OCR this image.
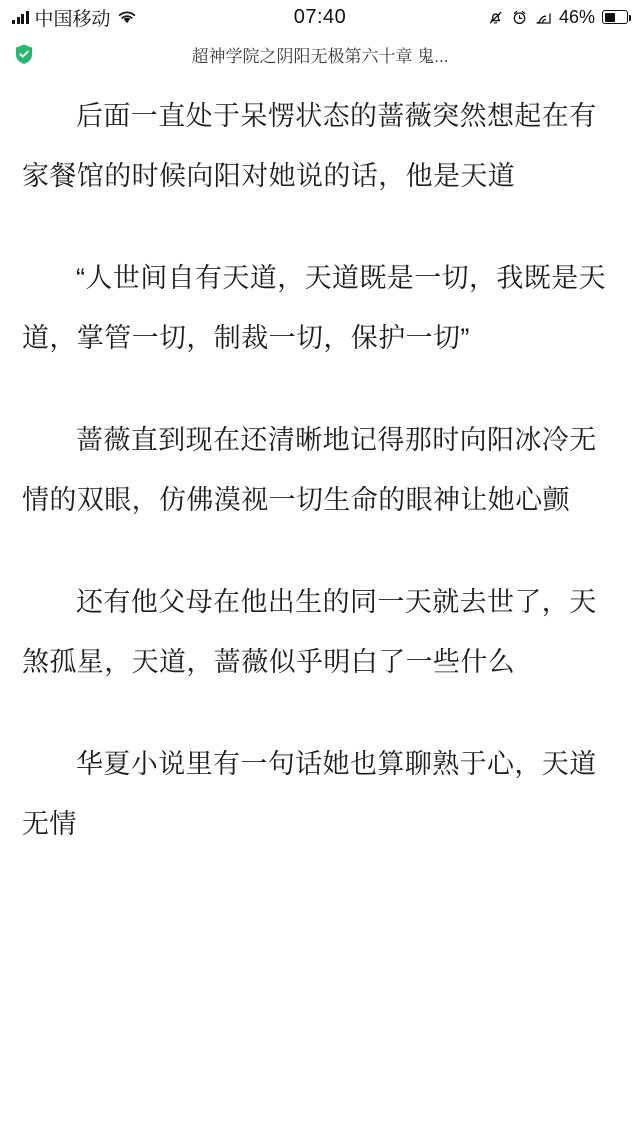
中国移动	07:40	46%
超神学院之阴阳无极第六十章 鬼...

后面一直处于呆愣状态的蔷薇突然想起在有家餐馆的时候向阳对她说的话，他是天道

“人世间自有天道，天道既是一切，我既是天道，掌管一切，制裁一切，保护一切”

蔷薇直到现在还清晰地记得那时向阳冰冷无情的双眼，仿佛漠视一切生命的眼神让她心颤

还有他父母在他出生的同一天就去世了，天煞孤星，天道，蔷薇似乎明白了一些什么

华夏小说里有一句话她也算聊熟于心，天道无情
